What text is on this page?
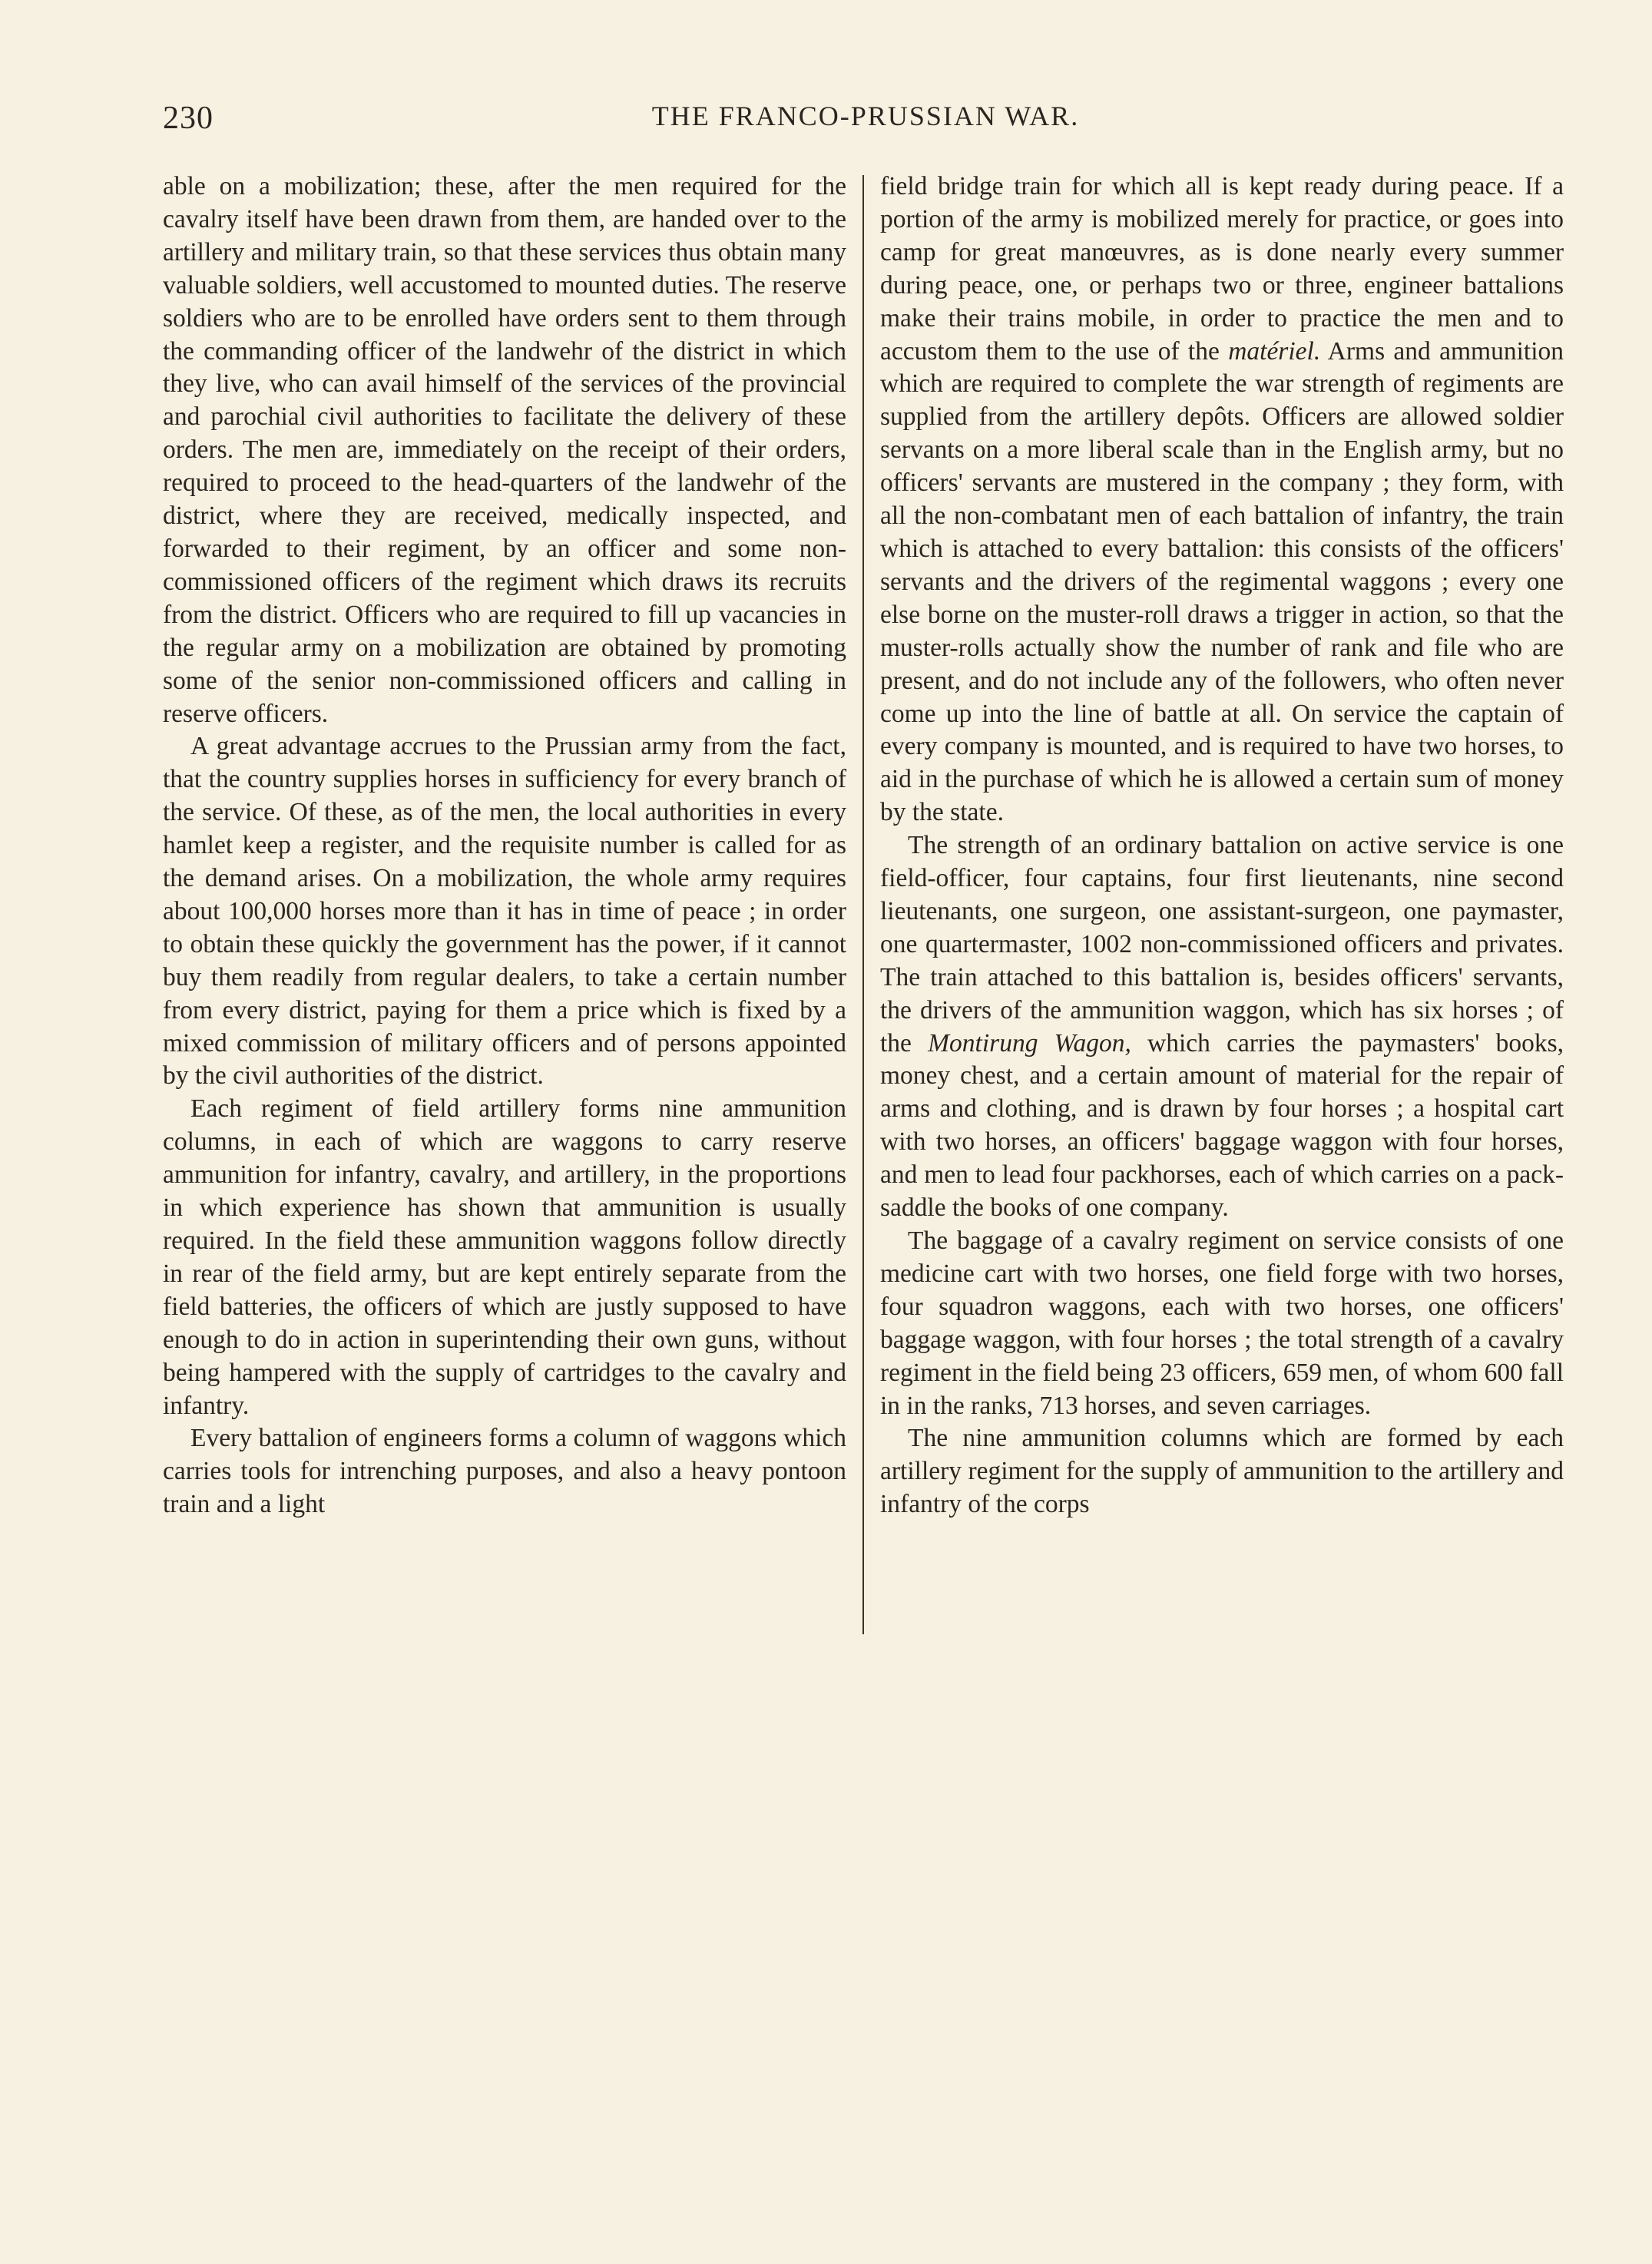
230	THE FRANCO-PRUSSIAN WAR.

able on a mobilization; these, after the men required for the cavalry itself have been drawn from them, are handed over to the artillery and military train, so that these services thus obtain many valuable soldiers, well accustomed to mounted duties. The reserve soldiers who are to be enrolled have orders sent to them through the commanding officer of the landwehr of the district in which they live, who can avail himself of the services of the provincial and parochial civil authorities to facilitate the delivery of these orders. The men are, immediately on the receipt of their orders, required to proceed to the head-quarters of the landwehr of the district, where they are received, medically inspected, and forwarded to their regiment, by an officer and some non-commissioned officers of the regiment which draws its recruits from the district. Officers who are required to fill up vacancies in the regular army on a mobilization are obtained by promoting some of the senior non-commissioned officers and calling in reserve officers.

A great advantage accrues to the Prussian army from the fact, that the country supplies horses in sufficiency for every branch of the service. Of these, as of the men, the local authorities in every hamlet keep a register, and the requisite number is called for as the demand arises. On a mobilization, the whole army requires about 100,000 horses more than it has in time of peace ; in order to obtain these quickly the government has the power, if it cannot buy them readily from regular dealers, to take a certain number from every district, paying for them a price which is fixed by a mixed commission of military officers and of persons appointed by the civil authorities of the district.

Each regiment of field artillery forms nine ammunition columns, in each of which are waggons to carry reserve ammunition for infantry, cavalry, and artillery, in the proportions in which experience has shown that ammunition is usually required. In the field these ammunition waggons follow directly in rear of the field army, but are kept entirely separate from the field batteries, the officers of which are justly supposed to have enough to do in action in superintending their own guns, without being hampered with the supply of cartridges to the cavalry and infantry.

Every battalion of engineers forms a column of waggons which carries tools for intrenching purposes, and also a heavy pontoon train and a light

field bridge train for which all is kept ready during peace. If a portion of the army is mobilized merely for practice, or goes into camp for great manœuvres, as is done nearly every summer during peace, one, or perhaps two or three, engineer battalions make their trains mobile, in order to practice the men and to accustom them to the use of the matériel. Arms and ammunition which are required to complete the war strength of regiments are supplied from the artillery depôts. Officers are allowed soldier servants on a more liberal scale than in the English army, but no officers' servants are mustered in the company ; they form, with all the non-combatant men of each battalion of infantry, the train which is attached to every battalion: this consists of the officers' servants and the drivers of the regimental waggons ; every one else borne on the muster-roll draws a trigger in action, so that the muster-rolls actually show the number of rank and file who are present, and do not include any of the followers, who often never come up into the line of battle at all. On service the captain of every company is mounted, and is required to have two horses, to aid in the purchase of which he is allowed a certain sum of money by the state.

The strength of an ordinary battalion on active service is one field-officer, four captains, four first lieutenants, nine second lieutenants, one surgeon, one assistant-surgeon, one paymaster, one quartermaster, 1002 non-commissioned officers and privates. The train attached to this battalion is, besides officers' servants, the drivers of the ammunition waggon, which has six horses ; of the Montirung Wagon, which carries the paymasters' books, money chest, and a certain amount of material for the repair of arms and clothing, and is drawn by four horses ; a hospital cart with two horses, an officers' baggage waggon with four horses, and men to lead four packhorses, each of which carries on a pack-saddle the books of one company.

The baggage of a cavalry regiment on service consists of one medicine cart with two horses, one field forge with two horses, four squadron waggons, each with two horses, one officers' baggage waggon, with four horses ; the total strength of a cavalry regiment in the field being 23 officers, 659 men, of whom 600 fall in in the ranks, 713 horses, and seven carriages.

The nine ammunition columns which are formed by each artillery regiment for the supply of ammunition to the artillery and infantry of the corps
